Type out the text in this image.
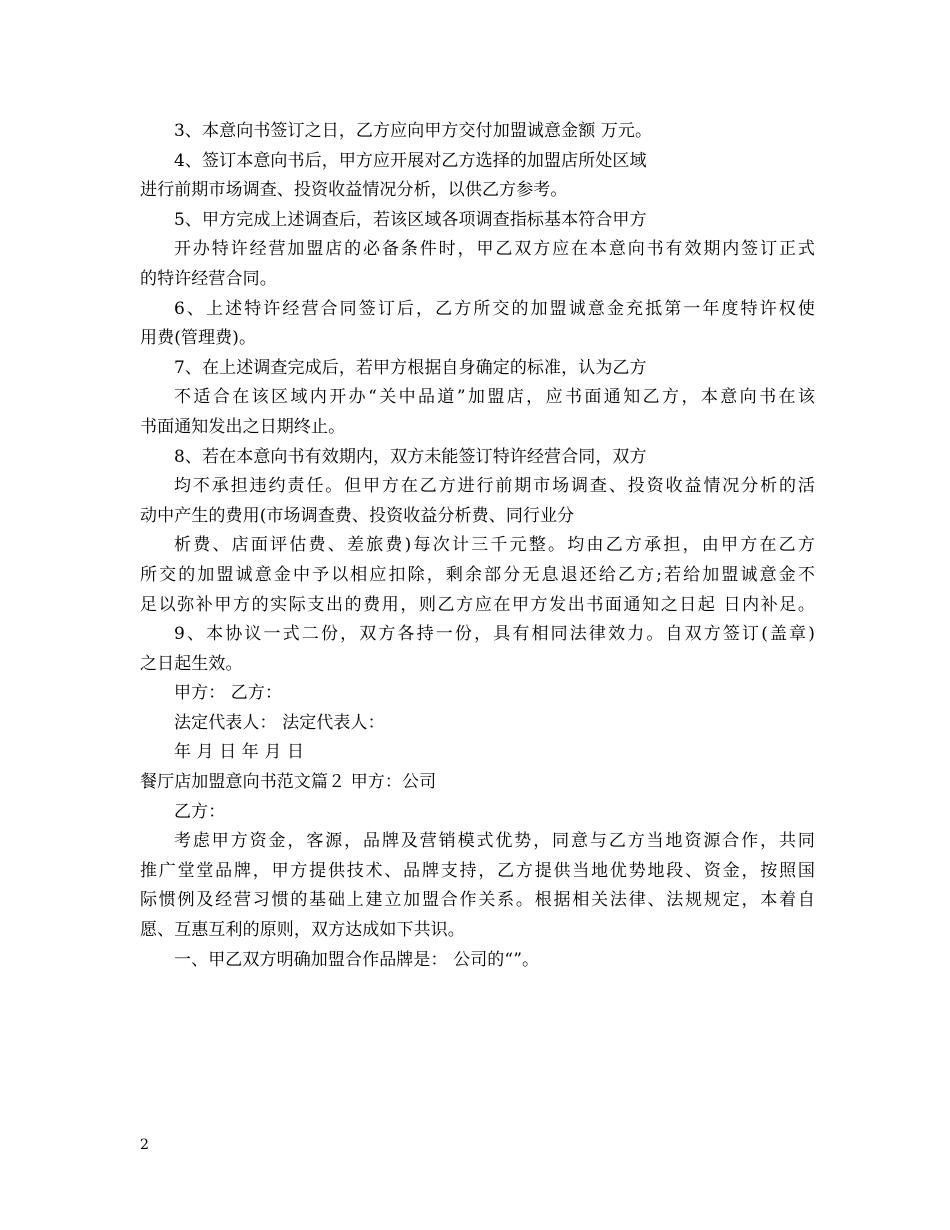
3、本意向书签订之日，乙方应向甲方交付加盟诚意金额 万元。
4、签订本意向书后，甲方应开展对乙方选择的加盟店所处区域
进行前期市场调查、投资收益情况分析，以供乙方参考。
5、甲方完成上述调查后，若该区域各项调查指标基本符合甲方
开办特许经营加盟店的必备条件时，甲乙双方应在本意向书有效期内签订正式
的特许经营合同。
6、上述特许经营合同签订后，乙方所交的加盟诚意金充抵第一年度特许权使
用费(管理费)。
7、在上述调查完成后，若甲方根据自身确定的标准，认为乙方
不适合在该区域内开办“关中品道”加盟店，应书面通知乙方，本意向书在该
书面通知发出之日期终止。
8、若在本意向书有效期内，双方未能签订特许经营合同，双方
均不承担违约责任。但甲方在乙方进行前期市场调查、投资收益情况分析的活
动中产生的费用(市场调查费、投资收益分析费、同行业分
析费、店面评估费、差旅费)每次计三千元整。均由乙方承担，由甲方在乙方
所交的加盟诚意金中予以相应扣除，剩余部分无息退还给乙方;若给加盟诚意金不
足以弥补甲方的实际支出的费用，则乙方应在甲方发出书面通知之日起 日内补足。
9、本协议一式二份，双方各持一份，具有相同法律效力。自双方签订(盖章)
之日起生效。
甲方： 乙方：
法定代表人： 法定代表人：
年 月 日 年 月 日
餐厅店加盟意向书范文篇２ 甲方：公司
乙方：
考虑甲方资金，客源，品牌及营销模式优势，同意与乙方当地资源合作，共同
推广堂堂品牌，甲方提供技术、品牌支持，乙方提供当地优势地段、资金，按照国
际惯例及经营习惯的基础上建立加盟合作关系。根据相关法律、法规规定，本着自
愿、互惠互利的原则，双方达成如下共识。
一、甲乙双方明确加盟合作品牌是： 公司的“”。
2
